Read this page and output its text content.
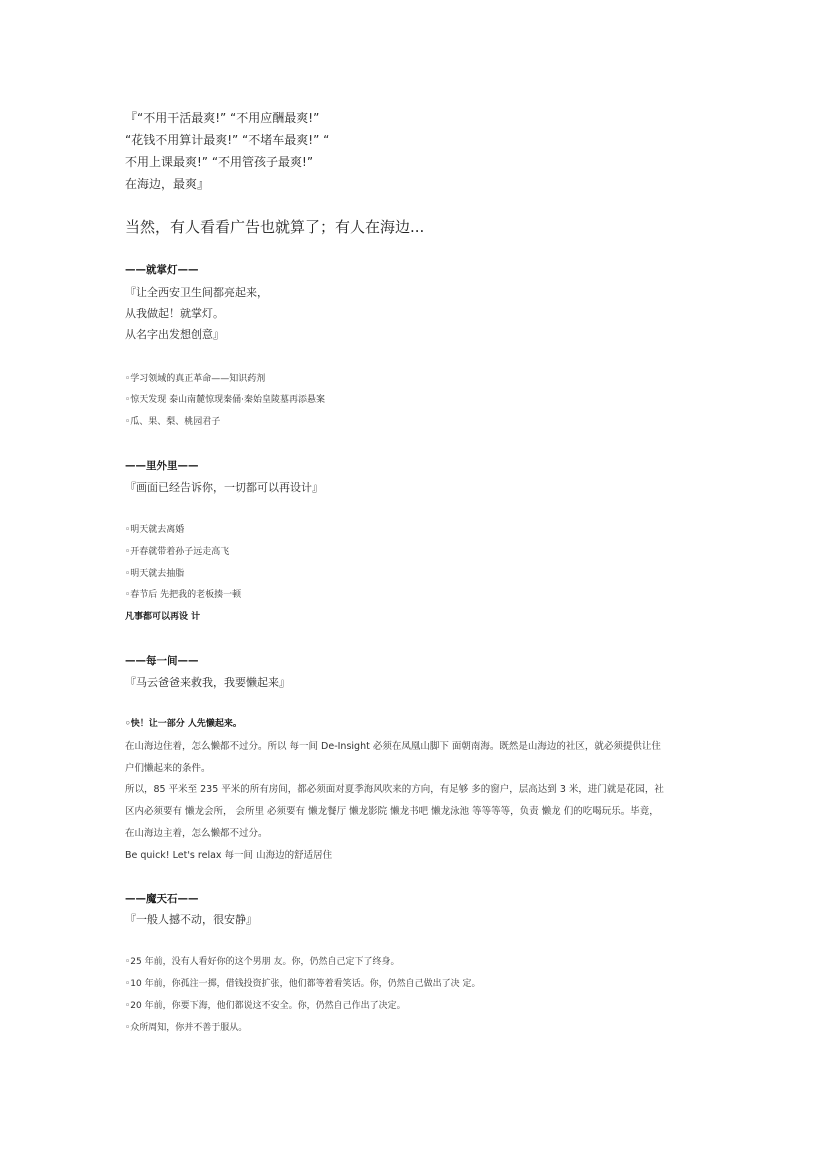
『“不用干活最爽!” “不用应酬最爽!”
“花钱不用算计最爽!” “不堵车最爽!” “
不用上课最爽!” “不用管孩子最爽!”
在海边，最爽』
当然，有人看看广告也就算了；有人在海边...
——就掌灯——
『让全西安卫生间都亮起来，
从我做起！就掌灯。
从名字出发想创意』
◦学习领域的真正革命——知识药剂
◦惊天发现 泰山南麓惊现秦俑·秦始皇陵墓再添悬案
◦瓜、果、梨、桃园君子
——里外里——
『画面已经告诉你，一切都可以再设计』
◦明天就去离婚
◦开春就带着孙子远走高飞
◦明天就去抽脂
◦春节后 先把我的老板揍一顿
凡事都可以再设 计
——每一间——
『马云爸爸来救我，我要懒起来』
◦快！让一部分 人先懒起来。
在山海边住着，怎么懒都不过分。所以 每一间 De-Insight 必须在凤凰山脚下 面朝南海。既然是山海边的社区，就必须提供让住
户们懒起来的条件。
所以，85 平米至 235 平米的所有房间，都必须面对夏季海风吹来的方向，有足够 多的窗户，层高达到 3 米，进门就是花园，社
区内必须要有 懒龙会所， 会所里 必须要有 懒龙餐厅 懒龙影院 懒龙书吧 懒龙泳池 等等等等，负责 懒龙 们的吃喝玩乐。毕竟，
在山海边主着，怎么懒都不过分。
Be quick! Let's relax 每一间 山海边的舒适居住
——魔天石——
『一般人撼不动，很安静』
◦25 年前，没有人看好你的这个男朋 友。你，仍然自己定下了终身。
◦10 年前，你孤注一掷，借钱投资扩张，他们都等着看笑话。你，仍然自己做出了决 定。
◦20 年前，你要下海，他们都说这不安全。你，仍然自己作出了决定。
◦众所周知，你并不善于服从。
